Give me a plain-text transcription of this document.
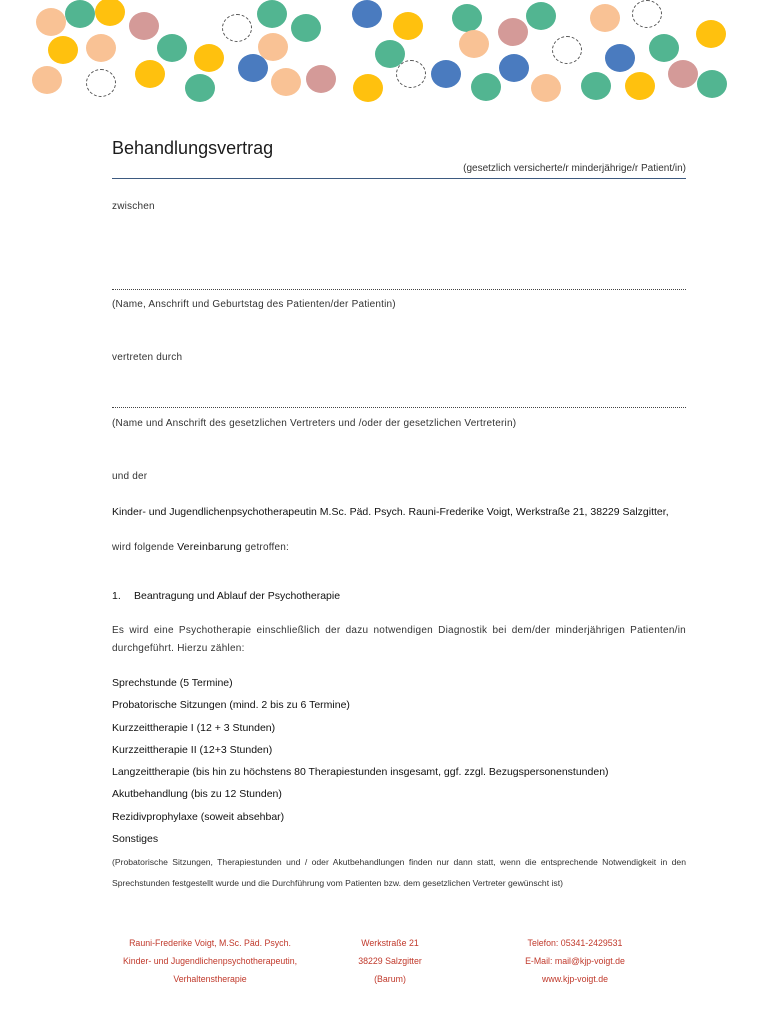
Behandlungsvertrag
(gesetzlich versicherte/r minderjährige/r Patient/in)
zwischen
(Name, Anschrift und Geburtstag des Patienten/der Patientin)
vertreten durch
(Name und Anschrift des gesetzlichen Vertreters und /oder der gesetzlichen Vertreterin)
und der
Kinder- und Jugendlichenpsychotherapeutin M.Sc. Päd. Psych. Rauni-Frederike Voigt, Werkstraße 21, 38229 Salzgitter,
wird folgende Vereinbarung getroffen:
1. Beantragung und Ablauf der Psychotherapie
Es wird eine Psychotherapie einschließlich der dazu notwendigen Diagnostik bei dem/der minderjährigen Patienten/in durchgeführt. Hierzu zählen:
Sprechstunde (5 Termine)
Probatorische Sitzungen (mind. 2 bis zu 6 Termine)
Kurzzeittherapie I (12 + 3 Stunden)
Kurzzeittherapie II (12+3 Stunden)
Langzeittherapie (bis hin zu höchstens 80 Therapiestunden insgesamt, ggf. zzgl. Bezugspersonenstunden)
Akutbehandlung (bis zu 12 Stunden)
Rezidivprophylaxe (soweit absehbar)
Sonstiges
(Probatorische Sitzungen, Therapiestunden und / oder Akutbehandlungen finden nur dann statt, wenn die entsprechende Notwendigkeit in den Sprechstunden festgestellt wurde und die Durchführung vom Patienten bzw. dem gesetzlichen Vertreter gewünscht ist)
Rauni-Frederike Voigt, M.Sc. Päd. Psych.
Kinder- und Jugendlichenpsychotherapeutin,
Verhaltenstherapie
Werkstraße 21
38229 Salzgitter
(Barum)
Telefon: 05341-2429531
E-Mail: mail@kjp-voigt.de
www.kjp-voigt.de
